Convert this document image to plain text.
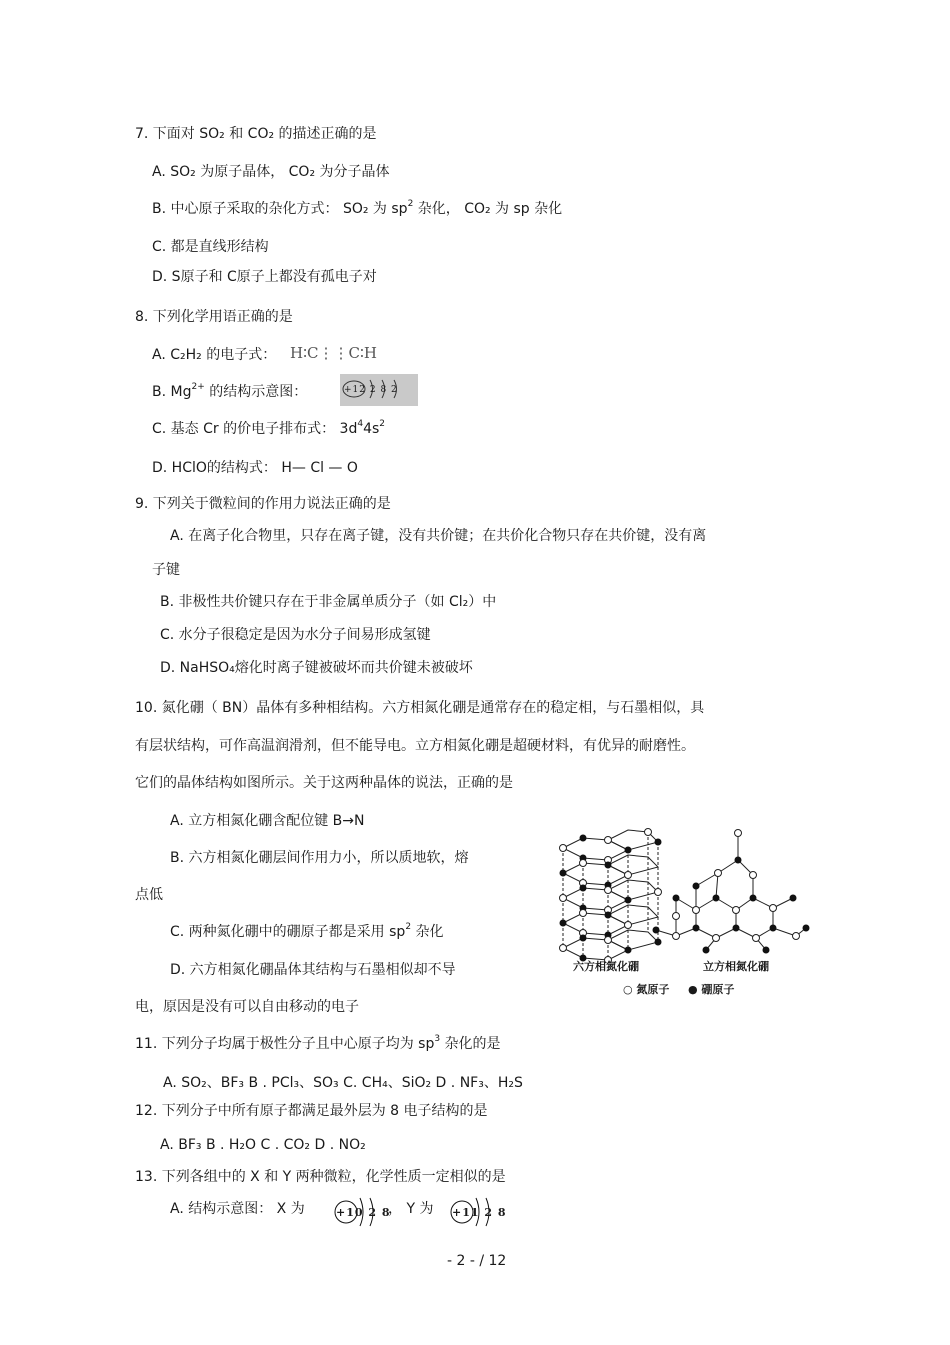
7. 下面对 SO₂ 和 CO₂ 的描述正确的是
A. SO₂ 为原子晶体， CO₂ 为分子晶体
B. 中心原子采取的杂化方式： SO₂ 为 $sp^2$ 杂化， CO₂ 为 sp 杂化
C. 都是直线形结构
D. S原子和 C原子上都没有孤电子对
8. 下列化学用语正确的是
A. C₂H₂ 的电子式： H∶C⋮⋮C∶H
B. $Mg^{2+}$ 的结构示意图：	+12 2 8 2
C. 基态 Cr 的价电子排布式： $3d^44s^2$
D. HClO的结构式： H— Cl — O
9. 下列关于微粒间的作用力说法正确的是
A. 在离子化合物里，只存在离子键，没有共价键；在共价化合物只存在共价键，没有离
子键
B. 非极性共价键只存在于非金属单质分子（如 Cl₂）中
C. 水分子很稳定是因为水分子间易形成氢键
D. NaHSO₄熔化时离子键被破坏而共价键未被破坏
10. 氮化硼（ BN）晶体有多种相结构。六方相氮化硼是通常存在的稳定相，与石墨相似，具
有层状结构，可作高温润滑剂，但不能导电。立方相氮化硼是超硬材料，有优异的耐磨性。
它们的晶体结构如图所示。关于这两种晶体的说法，正确的是
A. 立方相氮化硼含配位键 B→N
B. 六方相氮化硼层间作用力小，所以质地软，熔
点低
C. 两种氮化硼中的硼原子都是采用 $sp^2$ 杂化
D. 六方相氮化硼晶体其结构与石墨相似却不导
电，原因是没有可以自由移动的电子
六方相氮化硼	立方相氮化硼
○ 氮原子 ● 硼原子
11. 下列分子均属于极性分子且中心原子均为 $sp^3$ 杂化的是
A. SO₂、BF₃ B . PCl₃、SO₃ C. CH₄、SiO₂ D . NF₃、H₂S
12. 下列分子中所有原子都满足最外层为 8 电子结构的是
A. BF₃ B . H₂O C . CO₂ D . NO₂
13. 下列各组中的 X 和 Y 两种微粒，化学性质一定相似的是
A. 结构示意图： X 为	+10 2 8
， Y 为 +11 2 8
- 2 - / 12
